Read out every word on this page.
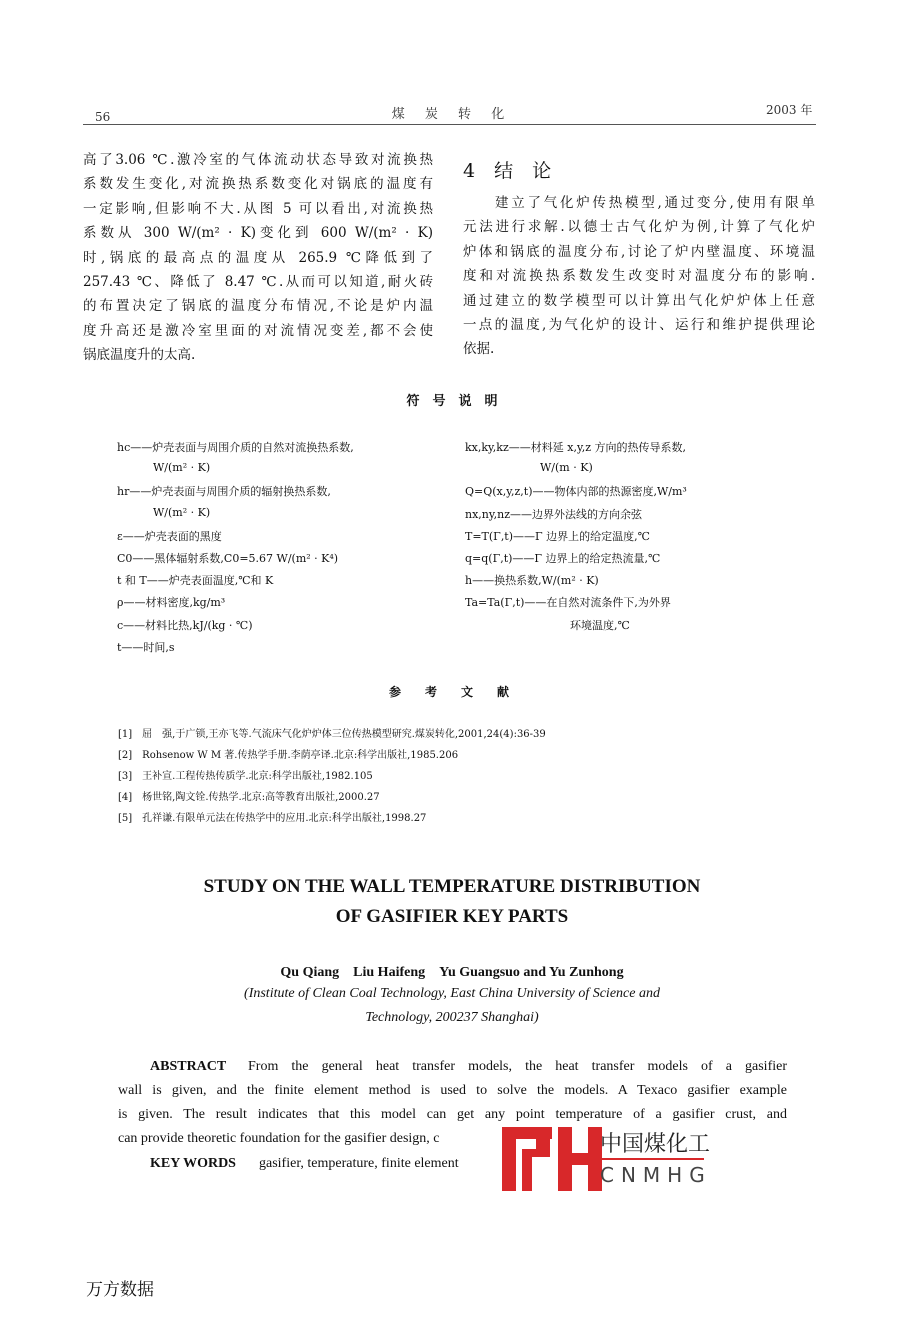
56	煤 炭 转 化	2003 年
高了3.06 ℃.激冷室的气体流动状态导致对流换热
系数发生变化,对流换热系数变化对锅底的温度有
一定影响,但影响不大.从图 5 可以看出,对流换热
系数从 300 W/(m² · K)变化到 600 W/(m² · K)
时,锅底的最高点的温度从 265.9 ℃降低到了
257.43 ℃、降低了 8.47 ℃.从而可以知道,耐火砖
的布置决定了锅底的温度分布情况,不论是炉内温
度升高还是激冷室里面的对流情况变差,都不会使
锅底温度升的太高.
4　结　论
建立了气化炉传热模型,通过变分,使用有限单
元法进行求解.以德士古气化炉为例,计算了气化炉
炉体和锅底的温度分布,讨论了炉内壁温度、环境温
度和对流换热系数发生改变时对温度分布的影响.
通过建立的数学模型可以计算出气化炉炉体上任意
一点的温度,为气化炉的设计、运行和维护提供理论
依据.
符　号　说　明
hc——炉壳表面与周围介质的自然对流换热系数,
W/(m² · K)
hr——炉壳表面与周围介质的辐射换热系数,
W/(m² · K)
ε——炉壳表面的黑度
C0——黑体辐射系数,C0=5.67 W/(m² · K⁴)
t 和 T——炉壳表面温度,℃和 K
ρ——材料密度,kg/m³
c——材料比热,kJ/(kg · ℃)
t——时间,s
kx,ky,kz——材料延 x,y,z 方向的热传导系数,
W/(m · K)
Q=Q(x,y,z,t)——物体内部的热源密度,W/m³
nx,ny,nz——边界外法线的方向余弦
T=T(Γ,t)——Γ 边界上的给定温度,℃
q=q(Γ,t)——Γ 边界上的给定热流量,℃
h——换热系数,W/(m² · K)
Ta=Ta(Γ,t)——在自然对流条件下,为外界
环境温度,℃
参　考　文　献
[1]　屈　强,于广锁,王亦飞等.气流床气化炉炉体三位传热模型研究.煤炭转化,2001,24(4):36-39
[2]　Rohsenow W M 著.传热学手册.李荫亭译.北京:科学出版社,1985.206
[3]　王补宣.工程传热传质学.北京:科学出版社,1982.105
[4]　杨世铭,陶文铨.传热学.北京:高等教育出版社,2000.27
[5]　孔祥谦.有限单元法在传热学中的应用.北京:科学出版社,1998.27
STUDY ON THE WALL TEMPERATURE DISTRIBUTION
OF GASIFIER KEY PARTS
Qu Qiang　Liu Haifeng　Yu Guangsuo and Yu Zunhong
(Institute of Clean Coal Technology, East China University of Science and
Technology, 200237 Shanghai)
ABSTRACT From the general heat transfer models, the heat transfer models of a gasifier
wall is given, and the finite element method is used to solve the models. A Texaco gasifier example
is given. The result indicates that this model can get any point temperature of a gasifier crust, and
can provide theoretic foundation for the gasifier design, c
KEY WORDS gasifier, temperature, finite element
中国煤化工
CNMHG
万方数据
